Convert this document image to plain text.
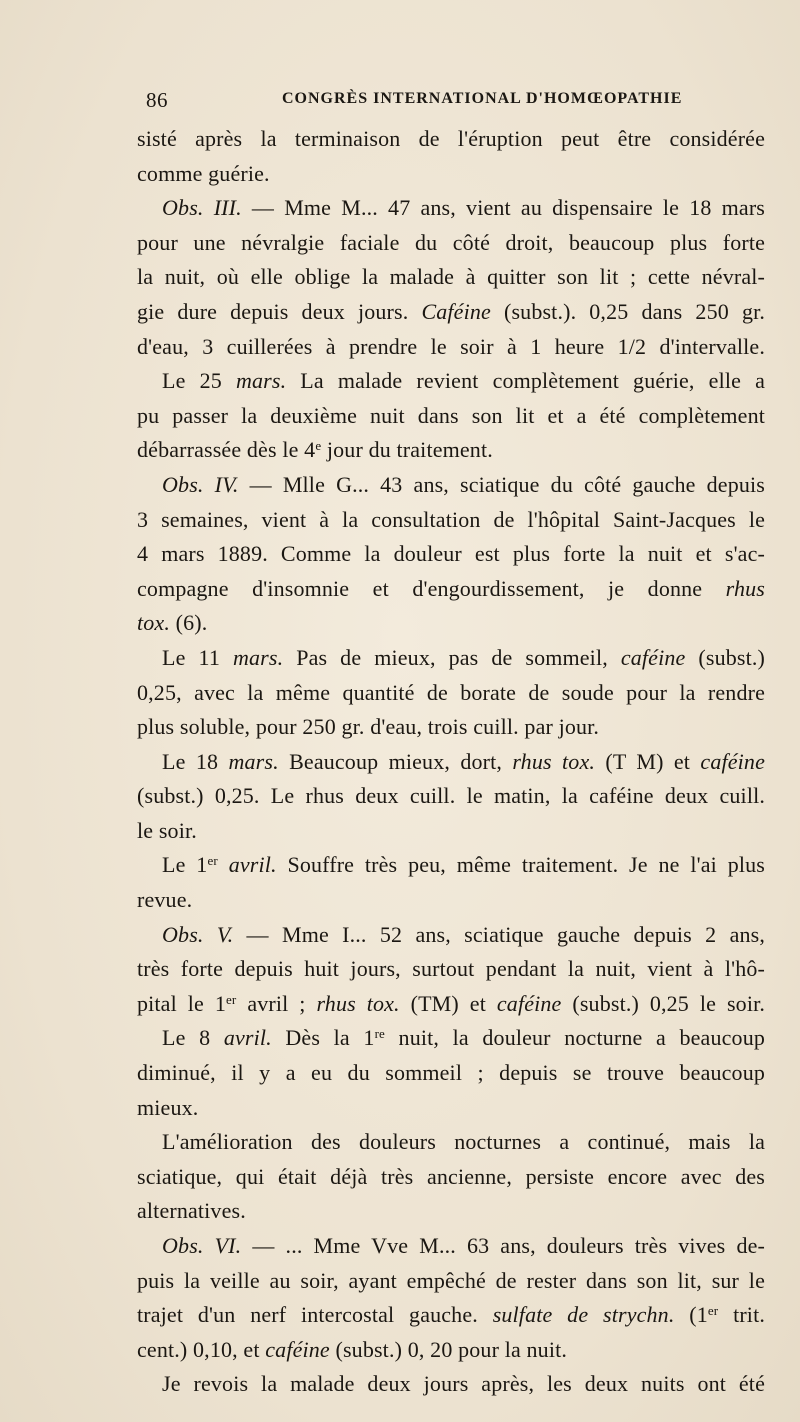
86	CONGRÈS INTERNATIONAL D'HOMŒOPATHIE
sisté après la terminaison de l'éruption peut être considérée
comme guérie.
Obs. III. — Mme M... 47 ans, vient au dispensaire le 18 mars
pour une névralgie faciale du côté droit, beaucoup plus forte
la nuit, où elle oblige la malade à quitter son lit ; cette névral-
gie dure depuis deux jours. Caféine (subst.). 0,25 dans 250 gr.
d'eau, 3 cuillerées à prendre le soir à 1 heure 1/2 d'intervalle.
Le 25 mars. La malade revient complètement guérie, elle a
pu passer la deuxième nuit dans son lit et a été complètement
débarrassée dès le 4e jour du traitement.
Obs. IV. — Mlle G... 43 ans, sciatique du côté gauche depuis
3 semaines, vient à la consultation de l'hôpital Saint-Jacques le
4 mars 1889. Comme la douleur est plus forte la nuit et s'ac-
compagne d'insomnie et d'engourdissement, je donne rhus
tox. (6).
Le 11 mars. Pas de mieux, pas de sommeil, caféine (subst.)
0,25, avec la même quantité de borate de soude pour la rendre
plus soluble, pour 250 gr. d'eau, trois cuill. par jour.
Le 18 mars. Beaucoup mieux, dort, rhus tox. (T M) et caféine
(subst.) 0,25. Le rhus deux cuill. le matin, la caféine deux cuill.
le soir.
Le 1er avril. Souffre très peu, même traitement. Je ne l'ai plus
revue.
Obs. V. — Mme I... 52 ans, sciatique gauche depuis 2 ans,
très forte depuis huit jours, surtout pendant la nuit, vient à l'hô-
pital le 1er avril ; rhus tox. (TM) et caféine (subst.) 0,25 le soir.
Le 8 avril. Dès la 1re nuit, la douleur nocturne a beaucoup
diminué, il y a eu du sommeil ; depuis se trouve beaucoup
mieux.
L'amélioration des douleurs nocturnes a continué, mais la
sciatique, qui était déjà très ancienne, persiste encore avec des
alternatives.
Obs. VI. — ... Mme Vve M... 63 ans, douleurs très vives de-
puis la veille au soir, ayant empêché de rester dans son lit, sur le
trajet d'un nerf intercostal gauche. sulfate de strychn. (1er trit.
cent.) 0,10, et caféine (subst.) 0, 20 pour la nuit.
Je revois la malade deux jours après, les deux nuits ont été
